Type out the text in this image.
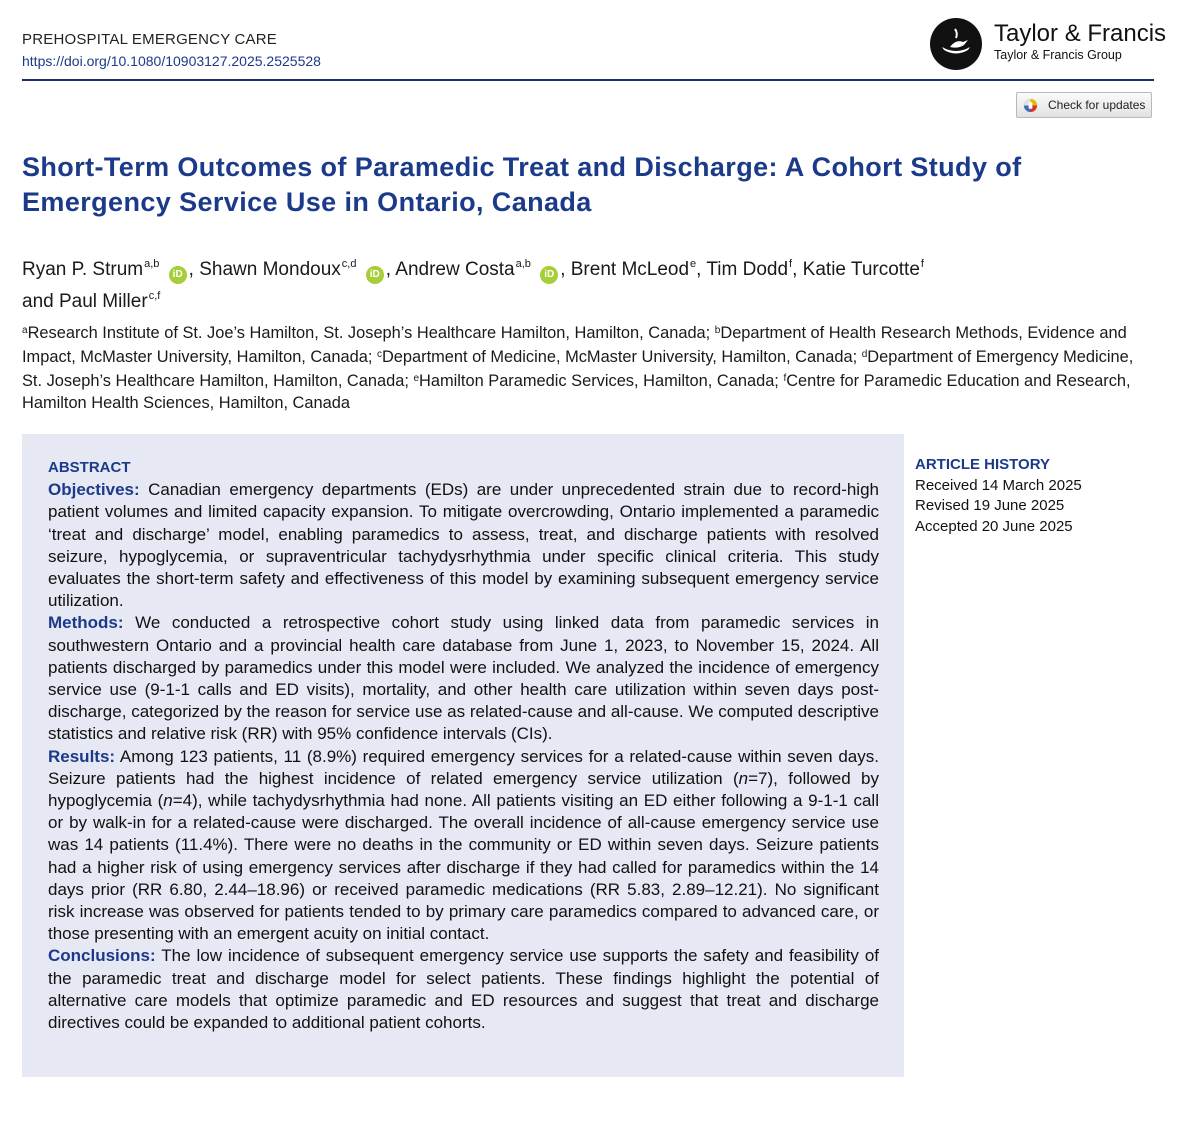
PREHOSPITAL EMERGENCY CARE
https://doi.org/10.1080/10903127.2025.2525528
Taylor & Francis
Taylor & Francis Group
Check for updates
Short-Term Outcomes of Paramedic Treat and Discharge: A Cohort Study of Emergency Service Use in Ontario, Canada
Ryan P. Strum$^{a,b}$ iD , Shawn Mondoux$^{c,d}$ iD , Andrew Costa$^{a,b}$ iD , Brent McLeod$^e$, Tim Dodd$^f$, Katie Turcotte$^f$
and Paul Miller$^{c,f}$
$^a$Research Institute of St. Joe’s Hamilton, St. Joseph’s Healthcare Hamilton, Hamilton, Canada; $^b$Department of Health Research Methods, Evidence and Impact, McMaster University, Hamilton, Canada; $^c$Department of Medicine, McMaster University, Hamilton, Canada; $^d$Department of Emergency Medicine, St. Joseph’s Healthcare Hamilton, Hamilton, Canada; $^e$Hamilton Paramedic Services, Hamilton, Canada; $^f$Centre for Paramedic Education and Research, Hamilton Health Sciences, Hamilton, Canada

ABSTRACT

Objectives: Canadian emergency departments (EDs) are under unprecedented strain due to record-high patient volumes and limited capacity expansion. To mitigate overcrowding, Ontario implemented a paramedic ‘treat and discharge’ model, enabling paramedics to assess, treat, and discharge patients with resolved seizure, hypoglycemia, or supraventricular tachydysrhythmia under specific clinical criteria. This study evaluates the short-term safety and effectiveness of this model by examining subsequent emergency service utilization.

Methods: We conducted a retrospective cohort study using linked data from paramedic services in southwestern Ontario and a provincial health care database from June 1, 2023, to November 15, 2024. All patients discharged by paramedics under this model were included. We analyzed the incidence of emergency service use (9-1-1 calls and ED visits), mortality, and other health care utilization within seven days post-discharge, categorized by the reason for service use as related-cause and all-cause. We computed descriptive statistics and relative risk (RR) with 95% confidence intervals (CIs).

Results: Among 123 patients, 11 (8.9%) required emergency services for a related-cause within seven days. Seizure patients had the highest incidence of related emergency service utilization (n=7), followed by hypoglycemia (n=4), while tachydysrhythmia had none. All patients visiting an ED either following a 9-1-1 call or by walk-in for a related-cause were discharged. The overall incidence of all-cause emergency service use was 14 patients (11.4%). There were no deaths in the community or ED within seven days. Seizure patients had a higher risk of using emergency services after discharge if they had called for paramedics within the 14 days prior (RR 6.80, 2.44–18.96) or received paramedic medications (RR 5.83, 2.89–12.21). No significant risk increase was observed for patients tended to by primary care paramedics compared to advanced care, or those presenting with an emergent acuity on initial contact.

Conclusions: The low incidence of subsequent emergency service use supports the safety and feasibility of the paramedic treat and discharge model for select patients. These findings highlight the potential of alternative care models that optimize paramedic and ED resources and suggest that treat and discharge directives could be expanded to additional patient cohorts.

ARTICLE HISTORY
Received 14 March 2025
Revised 19 June 2025
Accepted 20 June 2025
